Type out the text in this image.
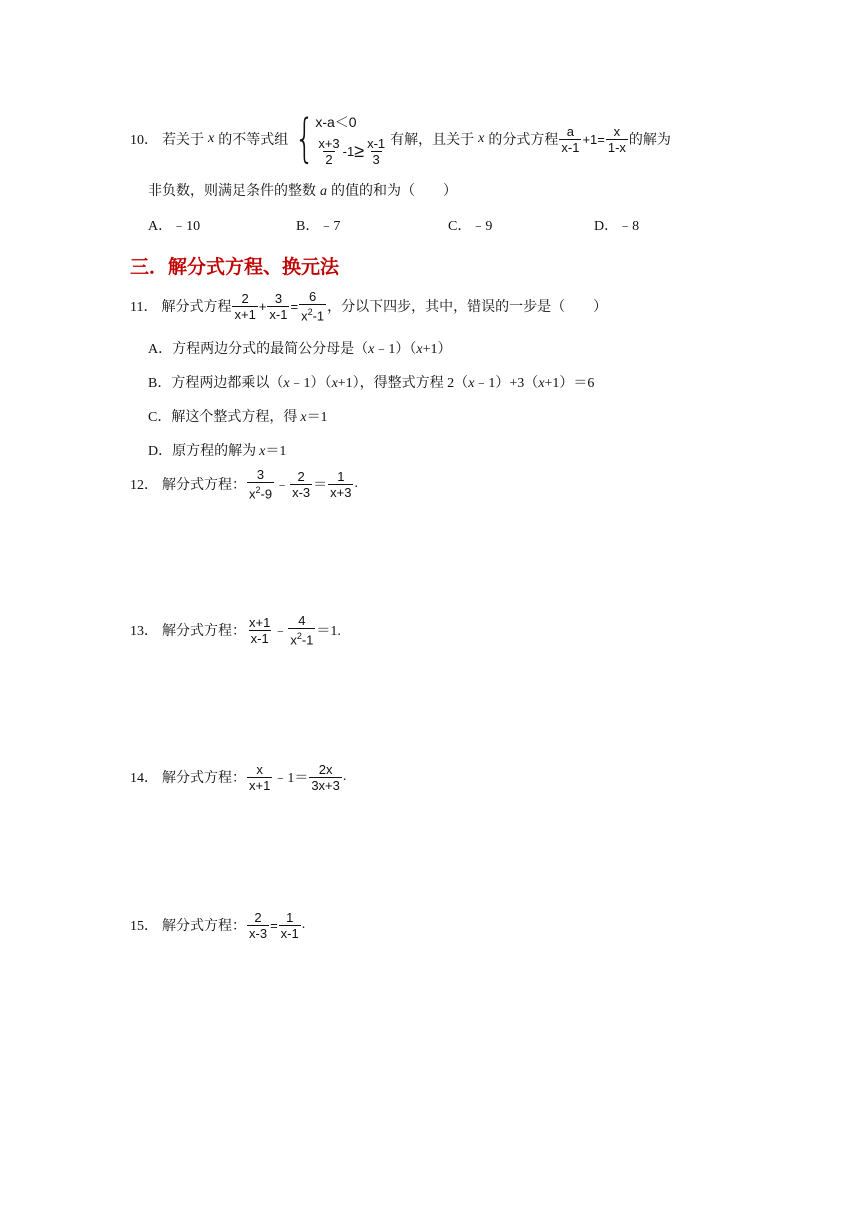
10． 若关于 x 的不等式组 { x-a＜0
$\frac{x+3}{2} -1 \ge \frac{x-1}{3}$ 有解，且关于 x 的分式方程 $\frac{a}{x-1} +1= \frac{x}{1-x}$ 的解为
非负数，则满足条件的整数 a 的值的和为（　　）
A．﹣10	B．﹣7	C．﹣9	D．﹣8
三．解分式方程、换元法
11． 解分式方程 $\frac{2}{x+1} + \frac{3}{x-1} = \frac{6}{x^2-1}$ ，分以下四步，其中，错误的一步是（　　）
A．方程两边分式的最简公分母是（x﹣1）（x+1）
B．方程两边都乘以（x﹣1）（x+1），得整式方程 2（x﹣1）+3（x+1）＝6
C．解这个整式方程，得 x＝1
D．原方程的解为 x＝1
12． 解分式方程： $\frac{3}{x^2-9}$ ﹣ $\frac{2}{x-3} = \frac{1}{x+3}$ .
13． 解分式方程： $\frac{x+1}{x-1}$ ﹣ $\frac{4}{x^2-1} =1$.
14． 解分式方程： $\frac{x}{x+1}$ ﹣1＝ $\frac{2x}{3x+3}$ .
15． 解分式方程： $\frac{2}{x-3} = \frac{1}{x-1}$ .
